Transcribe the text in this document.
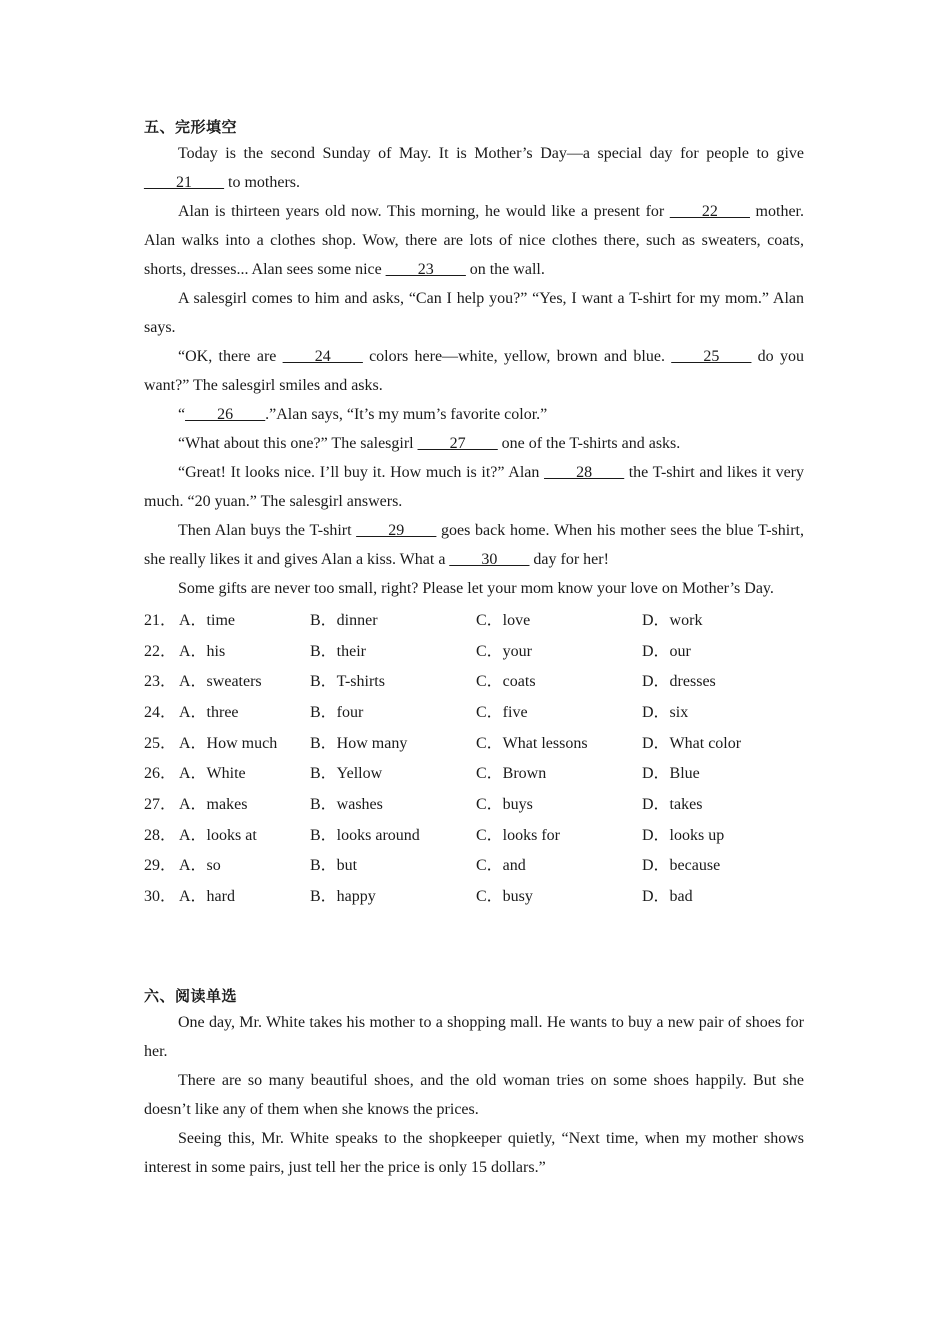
五、完形填空
Today is the second Sunday of May. It is Mother’s Day—a special day for people to give ____21____ to mothers.
Alan is thirteen years old now. This morning, he would like a present for ____22____ mother. Alan walks into a clothes shop. Wow, there are lots of nice clothes there, such as sweaters, coats, shorts, dresses... Alan sees some nice ____23____ on the wall.
A salesgirl comes to him and asks, “Can I help you?” “Yes, I want a T-shirt for my mom.” Alan says.
“OK, there are ____24____ colors here—white, yellow, brown and blue. ____25____ do you want?” The salesgirl smiles and asks.
“____26____.”Alan says, “It’s my mum’s favorite color.”
“What about this one?” The salesgirl ____27____ one of the T-shirts and asks.
“Great! It looks nice. I’ll buy it. How much is it?” Alan ____28____ the T-shirt and likes it very much. “20 yuan.” The salesgirl answers.
Then Alan buys the T-shirt ____29____ goes back home. When his mother sees the blue T-shirt, she really likes it and gives Alan a kiss. What a ____30____ day for her!
Some gifts are never too small, right? Please let your mom know your love on Mother’s Day.
21． A．time	B．dinner	C．love	D．work
22． A．his	B．their	C．your	D．our
23． A．sweaters	B．T-shirts	C．coats	D．dresses
24． A．three	B．four	C．five	D．six
25． A．How much	B．How many	C．What lessons	D．What color
26． A．White	B．Yellow	C．Brown	D．Blue
27． A．makes	B．washes	C．buys	D．takes
28． A．looks at	B．looks around	C．looks for	D．looks up
29． A．so	B．but	C．and	D．because
30． A．hard	B．happy	C．busy	D．bad
六、阅读单选
One day, Mr. White takes his mother to a shopping mall. He wants to buy a new pair of shoes for her.
There are so many beautiful shoes, and the old woman tries on some shoes happily. But she doesn’t like any of them when she knows the prices.
Seeing this, Mr. White speaks to the shopkeeper quietly, “Next time, when my mother shows interest in some pairs, just tell her the price is only 15 dollars.”
